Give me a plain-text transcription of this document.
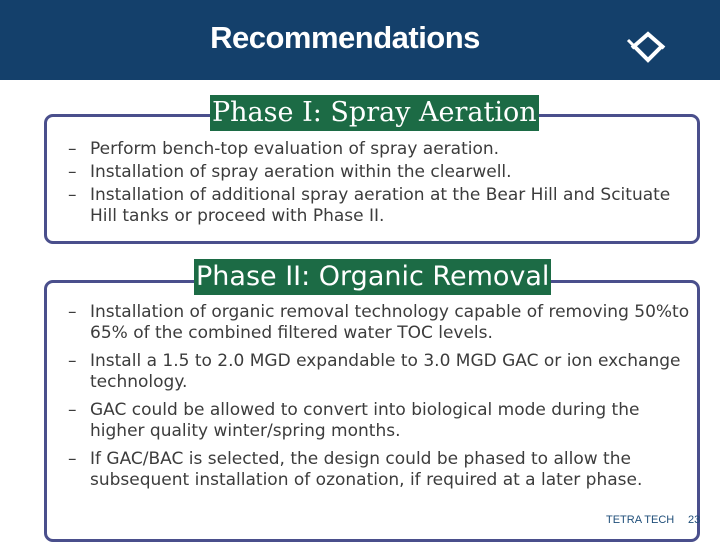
Recommendations
Phase I: Spray Aeration
– Perform bench-top evaluation of spray aeration.
– Installation of spray aeration within the clearwell.
– Installation of additional spray aeration at the Bear Hill and Scituate Hill tanks or proceed with Phase II.
Phase II: Organic Removal
– Installation of organic removal technology capable of removing 50%to 65% of the combined filtered water TOC levels.
– Install a 1.5 to 2.0 MGD expandable to 3.0 MGD GAC or ion exchange technology.
– GAC could be allowed to convert into biological mode during the higher quality winter/spring months.
– If GAC/BAC is selected, the design could be phased to allow the subsequent installation of ozonation, if required at a later phase.
TETRA TECH 23
